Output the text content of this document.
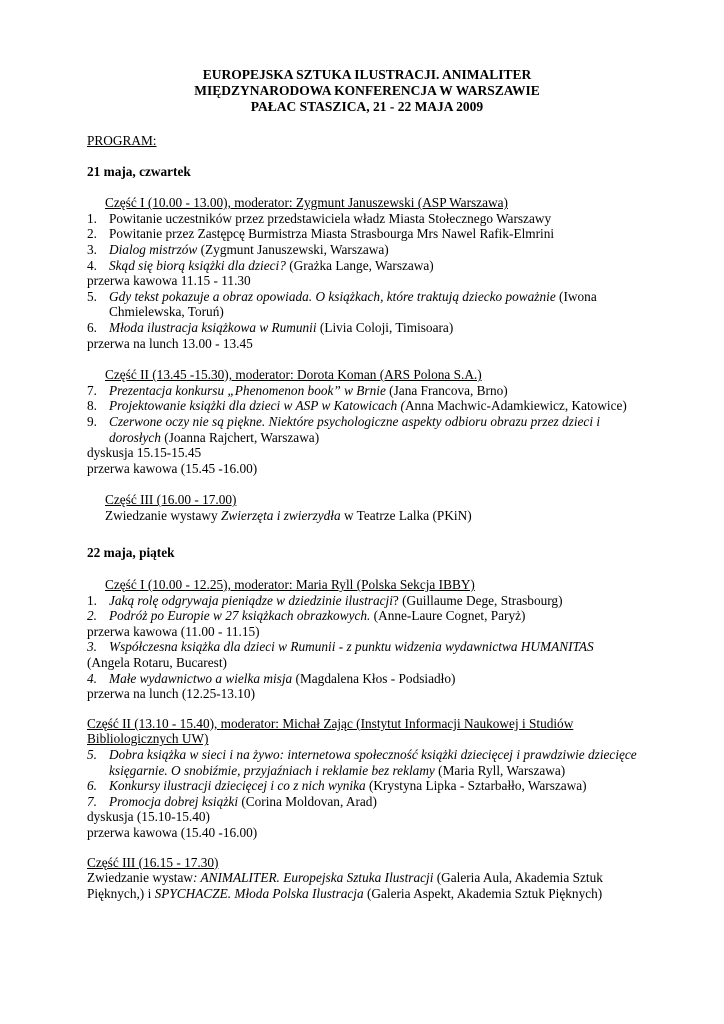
EUROPEJSKA SZTUKA ILUSTRACJI. ANIMALITER
MIĘDZYNARODOWA KONFERENCJA W WARSZAWIE
PAŁAC STASZICA, 21 - 22 MAJA 2009
PROGRAM:
21 maja, czwartek
Część I (10.00 - 13.00), moderator: Zygmunt Januszewski (ASP Warszawa)
1. Powitanie uczestników przez przedstawiciela władz Miasta Stołecznego Warszawy
2. Powitanie przez Zastępcę Burmistrza Miasta Strasbourga Mrs Nawel Rafik-Elmrini
3. Dialog mistrzów (Zygmunt Januszewski, Warszawa)
4. Skąd się biorą książki dla dzieci? (Grażka Lange, Warszawa)
przerwa kawowa 11.15 - 11.30
5. Gdy tekst pokazuje a obraz opowiada. O książkach, które traktują dziecko poważnie (Iwona Chmielewska, Toruń)
6. Młoda ilustracja książkowa w Rumunii (Livia Coloji, Timisoara)
przerwa na lunch 13.00 - 13.45
Część II (13.45 -15.30), moderator: Dorota Koman (ARS Polona S.A.)
7. Prezentacja konkursu „Phenomenon book” w Brnie (Jana Francova, Brno)
8. Projektowanie książki dla dzieci w ASP w Katowicach (Anna Machwic-Adamkiewicz, Katowice)
9. Czerwone oczy nie są piękne. Niektóre psychologiczne aspekty odbioru obrazu przez dzieci i dorosłych (Joanna Rajchert, Warszawa)
dyskusja 15.15-15.45
przerwa kawowa (15.45 -16.00)
Część III (16.00 - 17.00)
Zwiedzanie wystawy Zwierzęta i zwierzydła w Teatrze Lalka (PKiN)
22 maja, piątek
Część I (10.00 - 12.25), moderator: Maria Ryll (Polska Sekcja IBBY)
1. Jaką rolę odgrywaja pieniądze w dziedzinie ilustracji? (Guillaume Dege, Strasbourg)
2. Podróż po Europie w 27 książkach obrazkowych. (Anne-Laure Cognet, Paryż)
przerwa kawowa (11.00 - 11.15)
3. Współczesna książka dla dzieci w Rumunii - z punktu widzenia wydawnictwa HUMANITAS
(Angela Rotaru, Bucarest)
4. Małe wydawnictwo a wielka misja (Magdalena Kłos - Podsiadło)
przerwa na lunch (12.25-13.10)
Część II (13.10 - 15.40), moderator: Michał Zając (Instytut Informacji Naukowej i Studiów
Bibliologicznych UW)
5. Dobra książka w sieci i na żywo: internetowa społeczność książki dziecięcej i prawdziwie dziecięce księgarnie. O snobiźmie, przyjaźniach i reklamie bez reklamy (Maria Ryll, Warszawa)
6. Konkursy ilustracji dziecięcej i co z nich wynika (Krystyna Lipka - Sztarbałło, Warszawa)
7. Promocja dobrej książki (Corina Moldovan, Arad)
dyskusja (15.10-15.40)
przerwa kawowa (15.40 -16.00)
Część III (16.15 - 17.30)
Zwiedzanie wystaw: ANIMALITER. Europejska Sztuka Ilustracji (Galeria Aula, Akademia Sztuk Pięknych,) i SPYCHACZE. Młoda Polska Ilustracja (Galeria Aspekt, Akademia Sztuk Pięknych)
